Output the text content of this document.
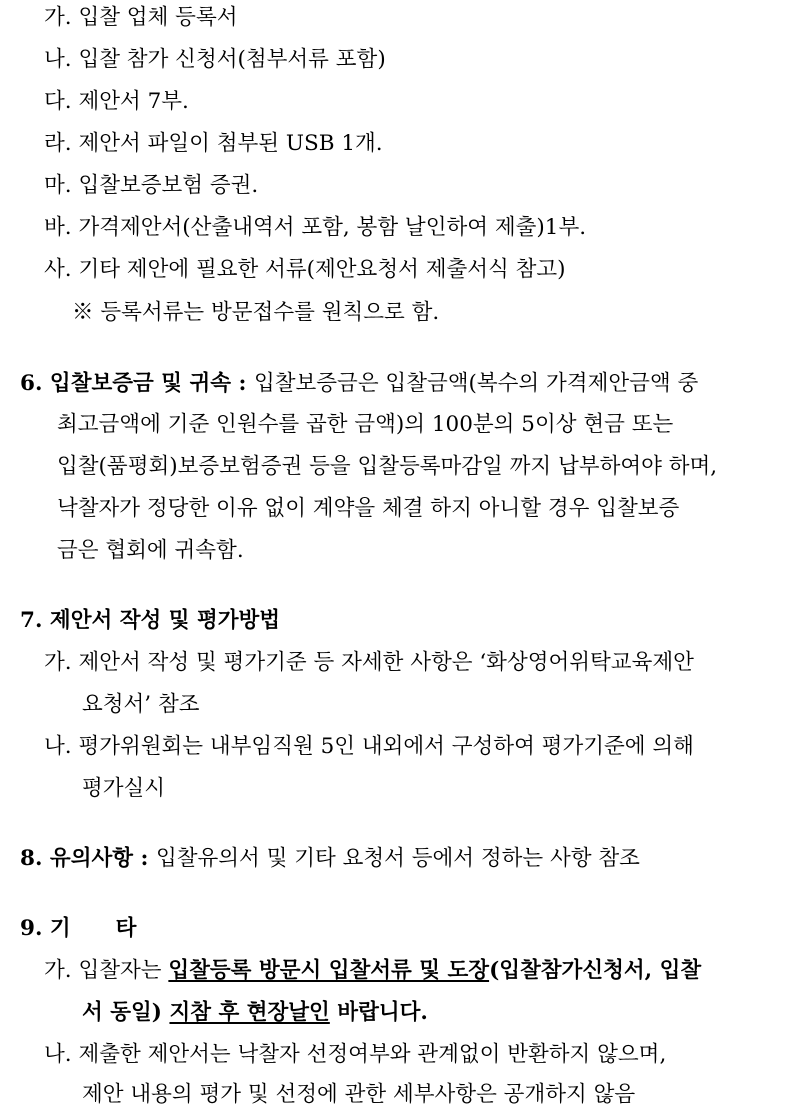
가. 입찰 업체 등록서
나. 입찰 참가 신청서(첨부서류 포함)
다. 제안서 7부.
라. 제안서 파일이 첨부된 USB 1개.
마. 입찰보증보험 증권.
바. 가격제안서(산출내역서 포함, 봉함 날인하여 제출)1부.
사. 기타 제안에 필요한 서류(제안요청서 제출서식 참고)
※ 등록서류는 방문접수를 원칙으로 함.
6. 입찰보증금 및 귀속 : 입찰보증금은 입찰금액(복수의 가격제안금액 중
최고금액에 기준 인원수를 곱한 금액)의 100분의 5이상 현금 또는
입찰(품평회)보증보험증권 등을 입찰등록마감일 까지 납부하여야 하며,
낙찰자가 정당한 이유 없이 계약을 체결 하지 아니할 경우 입찰보증
금은 협회에 귀속함.
7. 제안서 작성 및 평가방법
가. 제안서 작성 및 평가기준 등 자세한 사항은 ‘화상영어위탁교육제안
요청서’ 참조
나. 평가위원회는 내부임직원 5인 내외에서 구성하여 평가기준에 의해
평가실시
8. 유의사항 : 입찰유의서 및 기타 요청서 등에서 정하는 사항 참조
9. 기      타
가. 입찰자는 입찰등록 방문시 입찰서류 및 도장(입찰참가신청서, 입찰
서 동일) 지참 후 현장날인 바랍니다.
나. 제출한 제안서는 낙찰자 선정여부와 관계없이 반환하지 않으며,
제안 내용의 평가 및 선정에 관한 세부사항은 공개하지 않음
